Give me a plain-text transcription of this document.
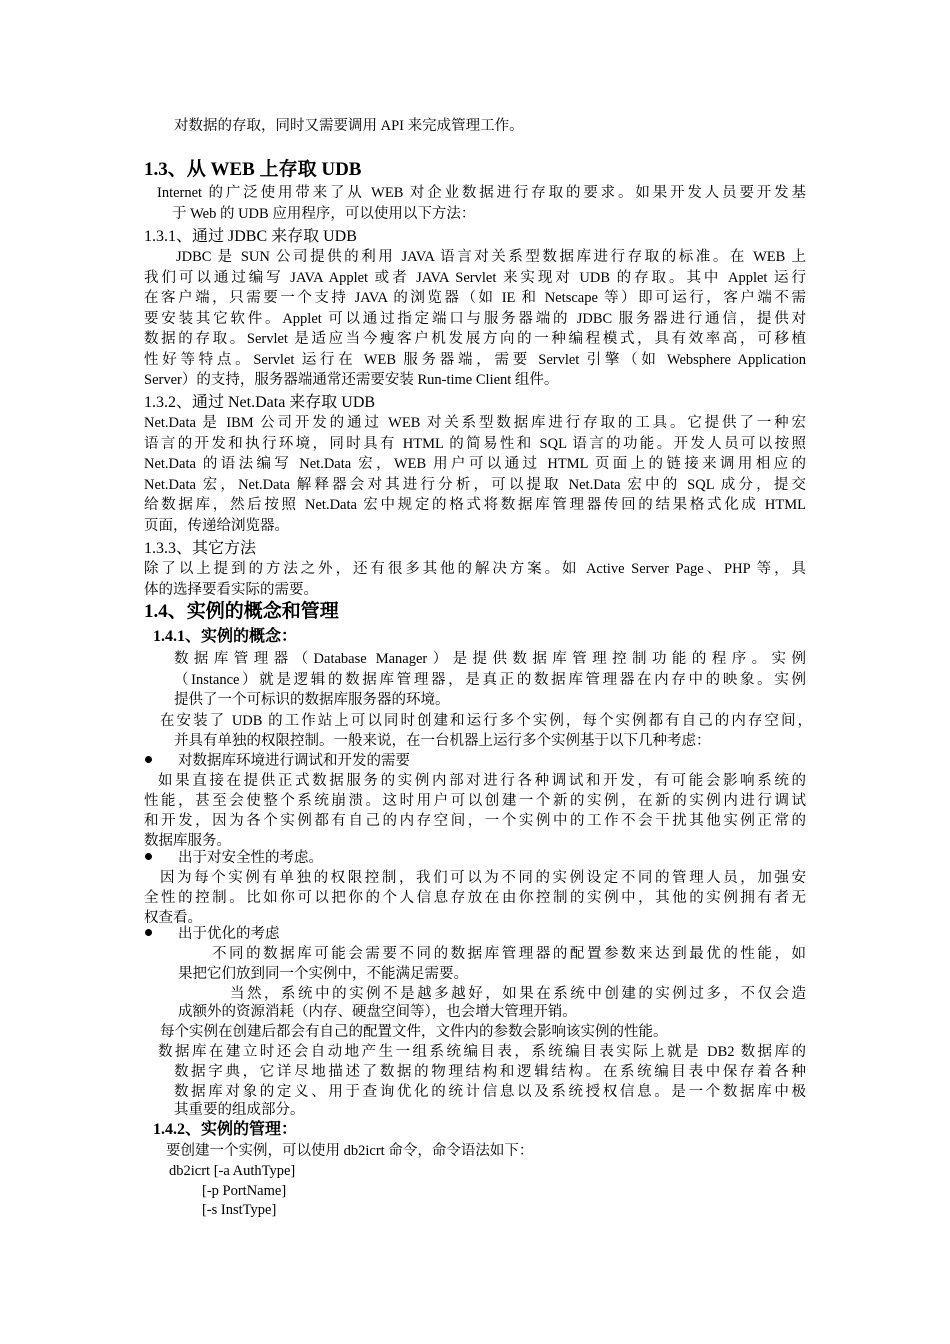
对数据的存取，同时又需要调用 API 来完成管理工作。
1.3、从 WEB 上存取 UDB
Internet 的广泛使用带来了从 WEB 对企业数据进行存取的要求。如果开发人员要开发基
于 Web 的 UDB 应用程序，可以使用以下方法：
1.3.1、通过 JDBC 来存取 UDB
JDBC 是 SUN 公司提供的利用 JAVA 语言对关系型数据库进行存取的标准。在 WEB 上
我们可以通过编写 JAVA Applet 或者 JAVA Servlet 来实现对 UDB 的存取。其中 Applet 运行
在客户端，只需要一个支持 JAVA 的浏览器（如 IE 和 Netscape 等）即可运行，客户端不需
要安装其它软件。Applet 可以通过指定端口与服务器端的 JDBC 服务器进行通信，提供对
数据的存取。Servlet 是适应当今瘦客户机发展方向的一种编程模式，具有效率高，可移植
性好等特点。Servlet 运行在 WEB 服务器端，需要 Servlet 引擎（如 Websphere Application
Server）的支持，服务器端通常还需要安装 Run-time Client 组件。
1.3.2、通过 Net.Data 来存取 UDB
Net.Data 是 IBM 公司开发的通过 WEB 对关系型数据库进行存取的工具。它提供了一种宏
语言的开发和执行环境，同时具有 HTML 的简易性和 SQL 语言的功能。开发人员可以按照
Net.Data 的语法编写 Net.Data 宏，WEB 用户可以通过 HTML 页面上的链接来调用相应的
Net.Data 宏，Net.Data 解释器会对其进行分析，可以提取 Net.Data 宏中的 SQL 成分，提交
给数据库，然后按照 Net.Data 宏中规定的格式将数据库管理器传回的结果格式化成 HTML
页面，传递给浏览器。
1.3.3、其它方法
除了以上提到的方法之外，还有很多其他的解决方案。如 Active Server Page、PHP 等，具
体的选择要看实际的需要。
1.4、实例的概念和管理
1.4.1、实例的概念：
数据库管理器（Database Manager）是提供数据库管理控制功能的程序。实例
（Instance）就是逻辑的数据库管理器，是真正的数据库管理器在内存中的映象。实例
提供了一个可标识的数据库服务器的环境。
在安装了 UDB 的工作站上可以同时创建和运行多个实例，每个实例都有自己的内存空间，
并具有单独的权限控制。一般来说，在一台机器上运行多个实例基于以下几种考虑：
对数据库环境进行调试和开发的需要
如果直接在提供正式数据服务的实例内部对进行各种调试和开发，有可能会影响系统的
性能，甚至会使整个系统崩溃。这时用户可以创建一个新的实例，在新的实例内进行调试
和开发，因为各个实例都有自己的内存空间，一个实例中的工作不会干扰其他实例正常的
数据库服务。
出于对安全性的考虑。
因为每个实例有单独的权限控制，我们可以为不同的实例设定不同的管理人员，加强安
全性的控制。比如你可以把你的个人信息存放在由你控制的实例中，其他的实例拥有者无
权查看。
出于优化的考虑
不同的数据库可能会需要不同的数据库管理器的配置参数来达到最优的性能，如
果把它们放到同一个实例中，不能满足需要。
当然，系统中的实例不是越多越好，如果在系统中创建的实例过多，不仅会造
成额外的资源消耗（内存、硬盘空间等），也会增大管理开销。
每个实例在创建后都会有自己的配置文件，文件内的参数会影响该实例的性能。
数据库在建立时还会自动地产生一组系统编目表，系统编目表实际上就是 DB2 数据库的
数据字典，它详尽地描述了数据的物理结构和逻辑结构。在系统编目表中保存着各种
数据库对象的定义、用于查询优化的统计信息以及系统授权信息。是一个数据库中极
其重要的组成部分。
1.4.2、实例的管理：
要创建一个实例，可以使用 db2icrt 命令，命令语法如下：
db2icrt [-a AuthType]
[-p PortName]
[-s InstType]
